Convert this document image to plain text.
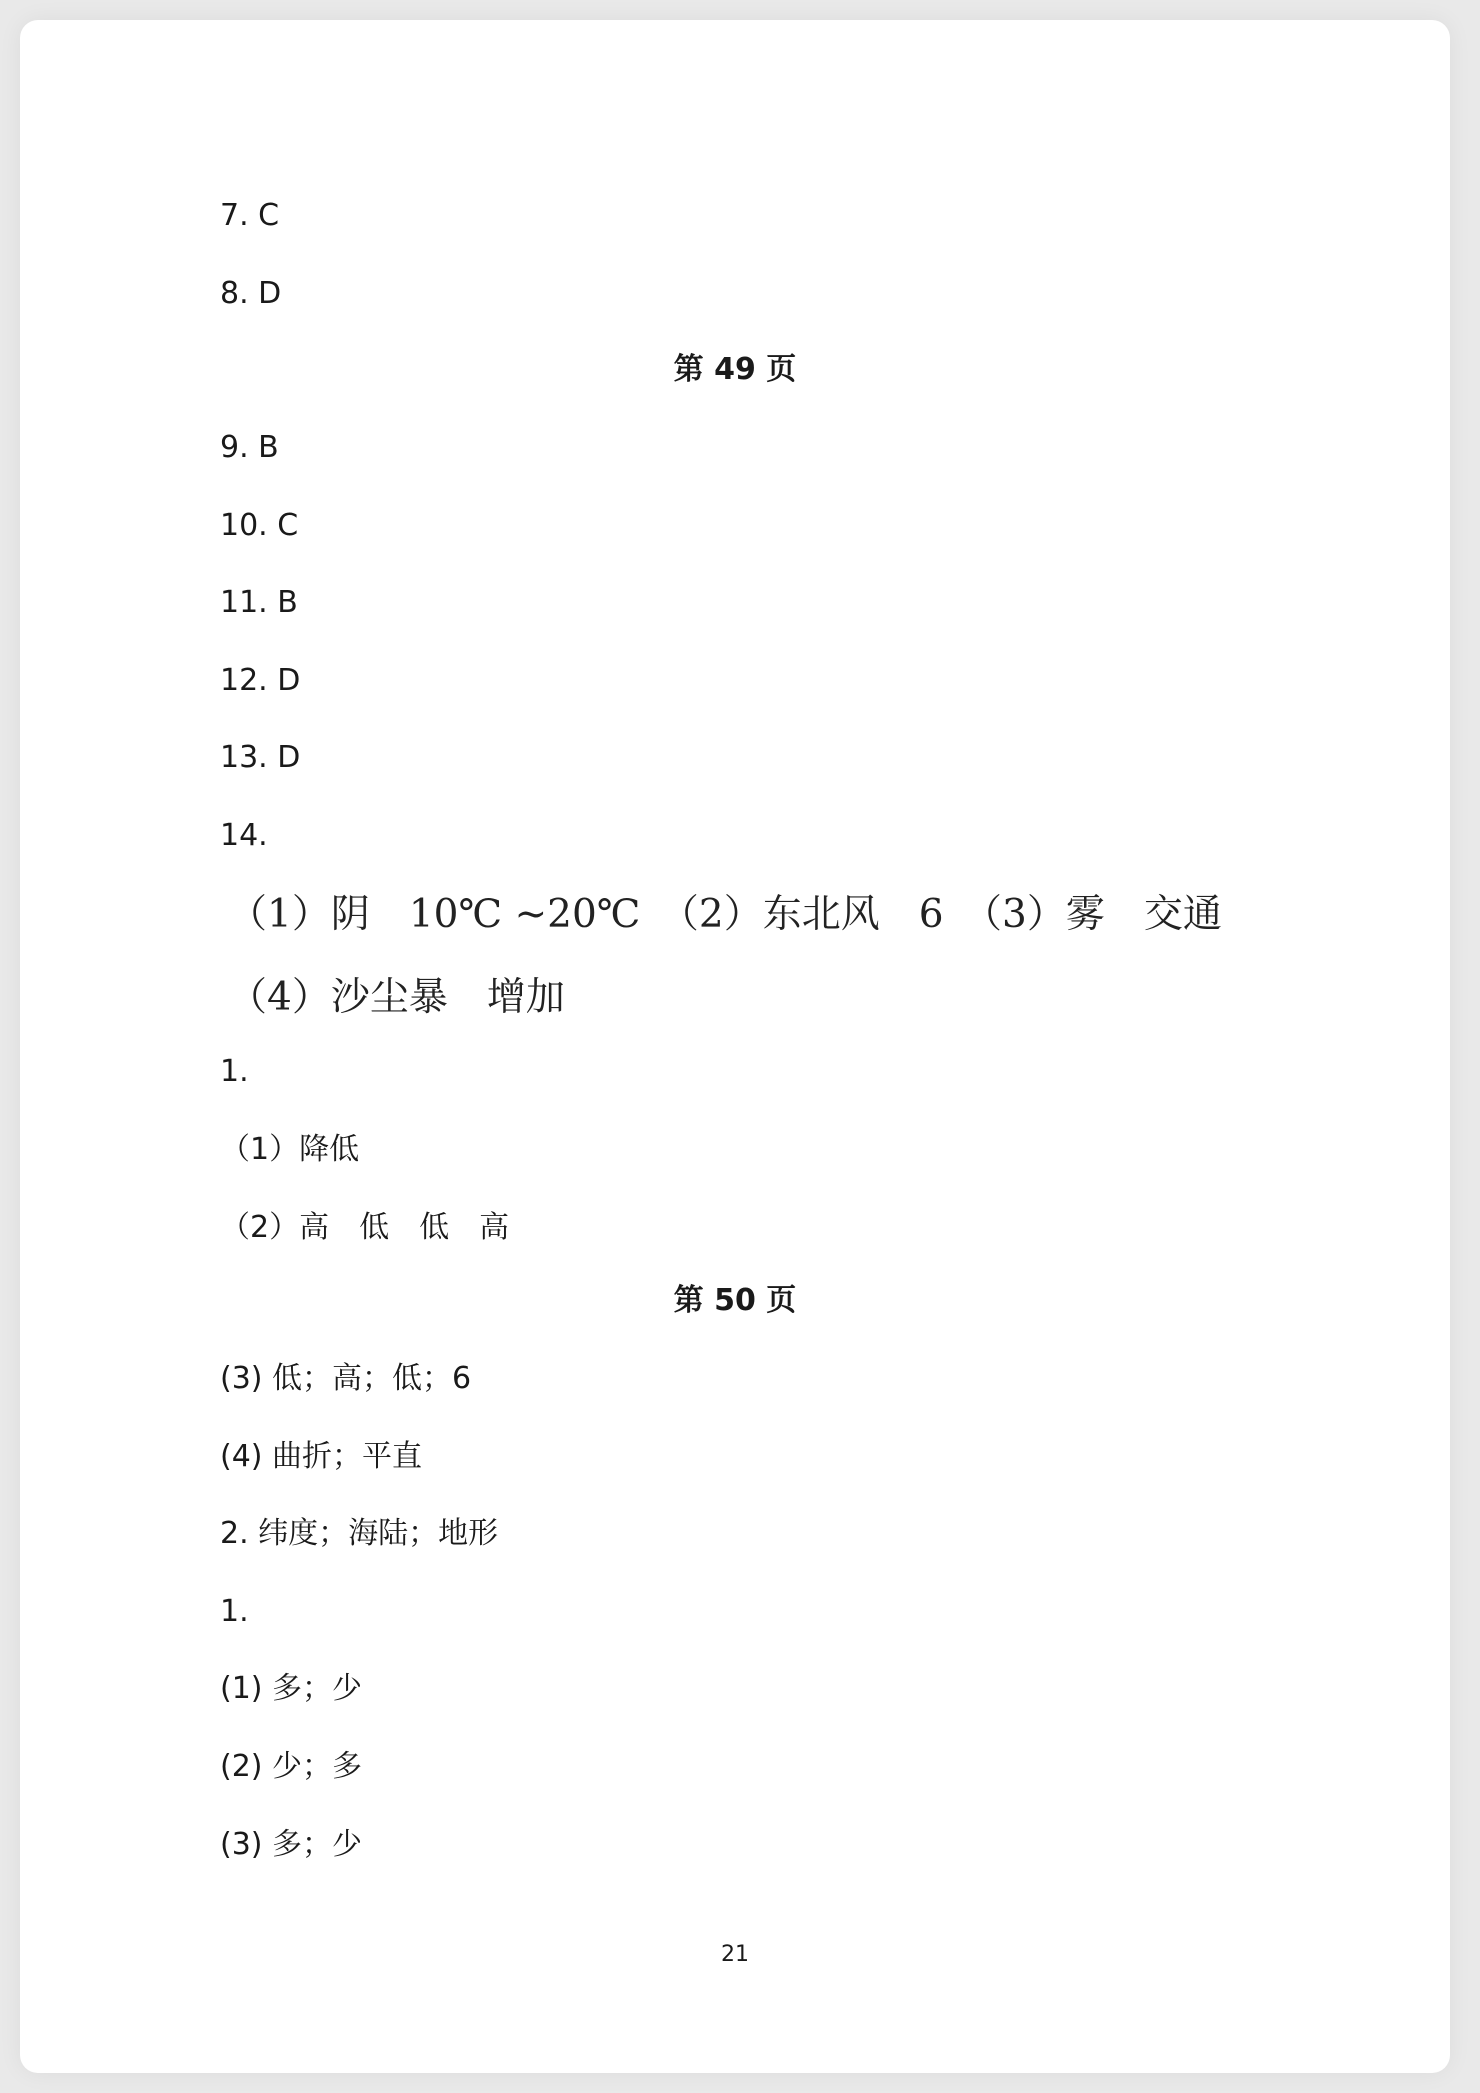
7. C
8. D
第 49 页
9. B
10. C
11. B
12. D
13. D
14.
（1）阴　10℃ ~20℃　（2）东北风　6　（3）雾　交通
（4）沙尘暴　增加
1.
（1）降低
（2）高　低　低　高
第 50 页
(3) 低；高；低；6
(4) 曲折；平直
2. 纬度；海陆；地形
1.
(1) 多；少
(2) 少；多
(3) 多；少
21
